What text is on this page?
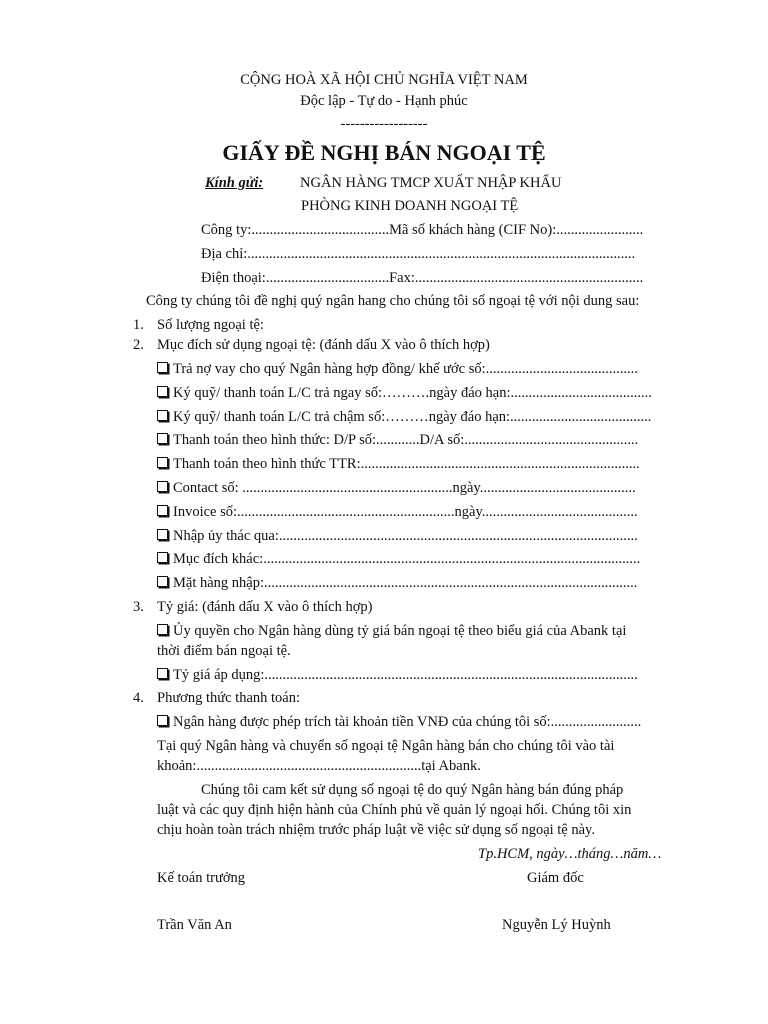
CỘNG HOÀ XÃ HỘI CHỦ NGHĨA VIỆT NAM
Độc lập - Tự do - Hạnh phúc
------------------
GIẤY ĐỀ NGHỊ BÁN NGOẠI TỆ
Kính gửi:	NGÂN HÀNG TMCP XUẤT NHẬP KHẨU
PHÒNG KINH DOANH NGOẠI TỆ
Công ty:......................................Mã số khách hàng (CIF No):........................
Địa chỉ:...........................................................................................................
Điện thoại:..................................Fax:...............................................................
Công ty chúng tôi đề nghị quý ngân hang cho chúng tôi số ngoại tệ với nội dung sau:
1. Số lượng ngoại tệ:
2. Mục đích sử dụng ngoại tệ: (đánh dấu X vào ô thích hợp)
Trả nợ vay cho quý Ngân hàng hợp đồng/ khế ước số:..........................................
Ký quỹ/ thanh toán L/C trả ngay số:……….ngày đáo hạn:.......................................
Ký quỹ/ thanh toán L/C trả chậm số:………ngày đáo hạn:.......................................
Thanh toán theo hình thức: D/P số:............D/A số:................................................
Thanh toán theo hình thức TTR:.............................................................................
Contact số: ..........................................................ngày...........................................
Invoice số:............................................................ngày...........................................
Nhập ủy thác qua:...................................................................................................
Mục đích khác:........................................................................................................
Mặt hàng nhập:.......................................................................................................
3. Tỷ giá: (đánh dấu X vào ô thích hợp)
Ủy quyền cho Ngân hàng dùng tỷ giá bán ngoại tệ theo biểu giá của Abank tại
thời điểm bán ngoại tệ.
Tỷ giá áp dụng:.......................................................................................................
4. Phương thức thanh toán:
Ngân hàng được phép trích tài khoản tiền VNĐ của chúng tôi số:.........................
Tại quý Ngân hàng và chuyển số ngoại tệ Ngân hàng bán cho chúng tôi vào tài
khoản:..............................................................tại Abank.
Chúng tôi cam kết sử dụng số ngoại tệ do quý Ngân hàng bán đúng pháp
luật và các quy định hiện hành của Chính phủ về quản lý ngoại hối. Chúng tôi xin
chịu hoàn toàn trách nhiệm trước pháp luật về việc sử dụng số ngoại tệ này.
Tp.HCM, ngày…tháng…năm…
Kế toán trưởng	Giám đốc
Trần Văn An	Nguyễn Lý Huỳnh
